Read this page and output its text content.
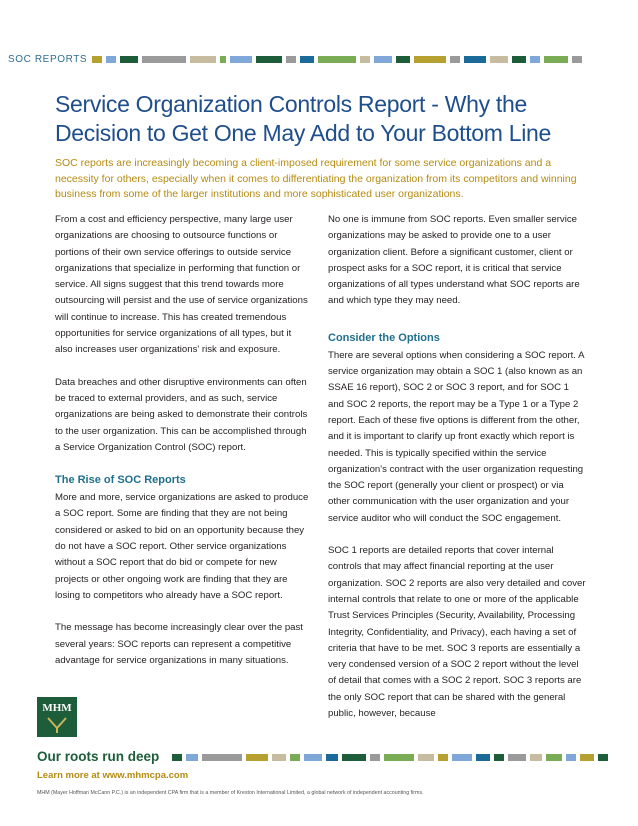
SOC REPORTS
Service Organization Controls Report - Why the
Decision to Get One May Add to Your Bottom Line
SOC reports are increasingly becoming a client-imposed requirement for some service organizations and a necessity for others, especially when it comes to differentiating the organization from its competitors and winning business from some of the larger institutions and more sophisticated user organizations.

From a cost and efficiency perspective, many large user organizations are choosing to outsource functions or portions of their own service offerings to outside service organizations that specialize in performing that function or service. All signs suggest that this trend towards more outsourcing will persist and the use of service organizations will continue to increase. This has created tremendous opportunities for service organizations of all types, but it also increases user organizations' risk and exposure.

Data breaches and other disruptive environments can often be traced to external providers, and as such, service organizations are being asked to demonstrate their controls to the user organization. This can be accomplished through a Service Organization Control (SOC) report.

The Rise of SOC Reports

More and more, service organizations are asked to produce a SOC report. Some are finding that they are not being considered or asked to bid on an opportunity because they do not have a SOC report. Other service organizations without a SOC report that do bid or compete for new projects or other ongoing work are finding that they are losing to competitors who already have a SOC report.

The message has become increasingly clear over the past several years: SOC reports can represent a competitive advantage for service organizations in many situations.

No one is immune from SOC reports. Even smaller service organizations may be asked to provide one to a user organization client. Before a significant customer, client or prospect asks for a SOC report, it is critical that service organizations of all types understand what SOC reports are and which type they may need.

Consider the Options

There are several options when considering a SOC report. A service organization may obtain a SOC 1 (also known as an SSAE 16 report), SOC 2 or SOC 3 report, and for SOC 1 and SOC 2 reports, the report may be a Type 1 or a Type 2 report. Each of these five options is different from the other, and it is important to clarify up front exactly which report is needed. This is typically specified within the service organization's contract with the user organization requesting the SOC report (generally your client or prospect) or via other communication with the user organization and your service auditor who will conduct the SOC engagement.

SOC 1 reports are detailed reports that cover internal controls that may affect financial reporting at the user organization. SOC 2 reports are also very detailed and cover internal controls that relate to one or more of the applicable Trust Services Principles (Security, Availability, Processing Integrity, Confidentiality, and Privacy), each having a set of criteria that have to be met. SOC 3 reports are essentially a very condensed version of a SOC 2 report without the level of detail that comes with a SOC 2 report. SOC 3 reports are the only SOC report that can be shared with the general public, however, because

MHM
Our roots run deep
Learn more at www.mhmcpa.com
MHM (Mayer Hoffman McCann P.C.) is an independent CPA firm that is a member of Kreston International Limited, a global network of independent accounting firms.
